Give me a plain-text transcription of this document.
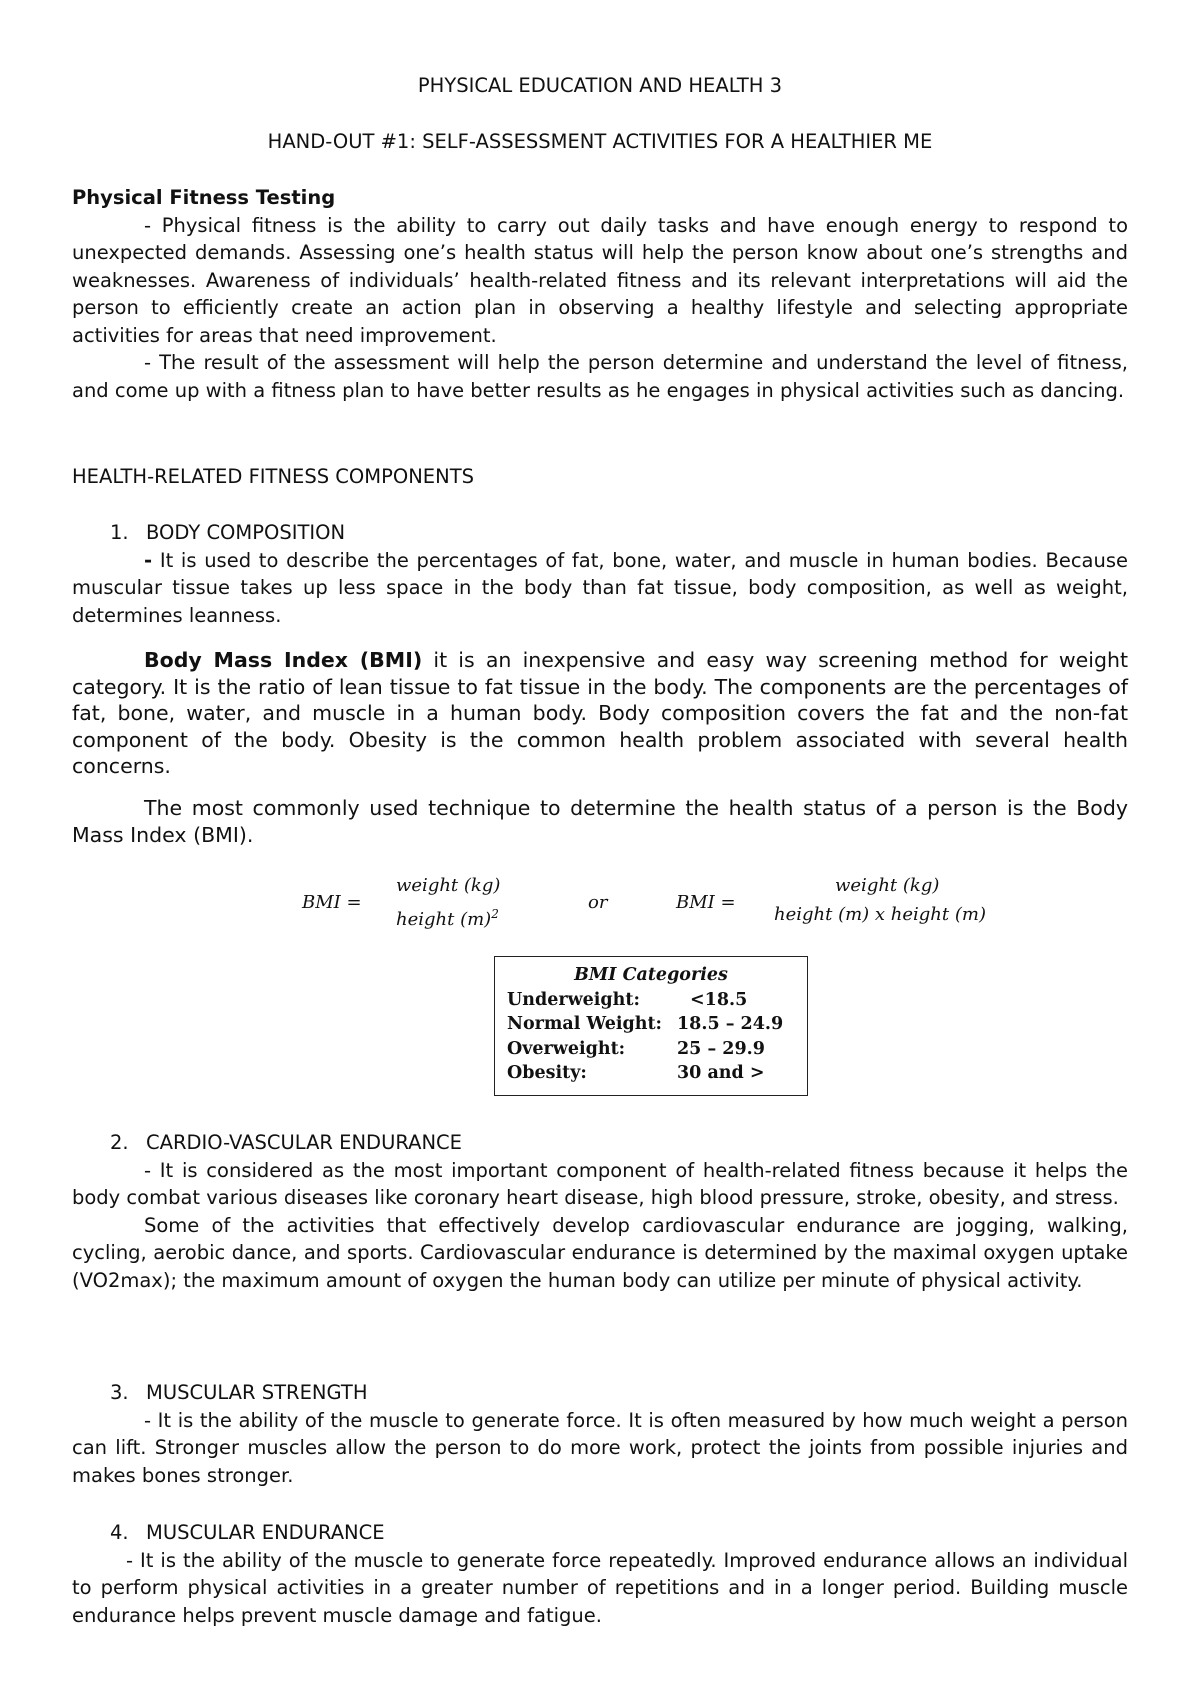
PHYSICAL EDUCATION AND HEALTH 3
HAND-OUT #1: SELF-ASSESSMENT ACTIVITIES FOR A HEALTHIER ME
Physical Fitness Testing

- Physical fitness is the ability to carry out daily tasks and have enough energy to respond to unexpected demands. Assessing one’s health status will help the person know about one’s strengths and weaknesses. Awareness of individuals’ health-related fitness and its relevant interpretations will aid the person to efficiently create an action plan in observing a healthy lifestyle and selecting appropriate activities for areas that need improvement.

- The result of the assessment will help the person determine and understand the level of fitness, and come up with a fitness plan to have better results as he engages in physical activities such as dancing.

HEALTH-RELATED FITNESS COMPONENTS
1. BODY COMPOSITION

- It is used to describe the percentages of fat, bone, water, and muscle in human bodies. Because muscular tissue takes up less space in the body than fat tissue, body composition, as well as weight, determines leanness.

Body Mass Index (BMI) it is an inexpensive and easy way screening method for weight category. It is the ratio of lean tissue to fat tissue in the body. The components are the percentages of fat, bone, water, and muscle in a human body. Body composition covers the fat and the non-fat component of the body. Obesity is the common health problem associated with several health concerns.

The most commonly used technique to determine the health status of a person is the Body Mass Index (BMI).

BMI =
weight (kg)
height $(m)^2$
or	BMI =
weight (kg)
height (m) x height (m)
BMI Categories
Underweight:	<18.5
Normal Weight: 18.5 – 24.9
Overweight:	25 – 29.9
Obesity:	30 and >
2. CARDIO-VASCULAR ENDURANCE

- It is considered as the most important component of health-related fitness because it helps the body combat various diseases like coronary heart disease, high blood pressure, stroke, obesity, and stress.

Some of the activities that effectively develop cardiovascular endurance are jogging, walking, cycling, aerobic dance, and sports. Cardiovascular endurance is determined by the maximal oxygen uptake (VO2max); the maximum amount of oxygen the human body can utilize per minute of physical activity.

3. MUSCULAR STRENGTH

- It is the ability of the muscle to generate force. It is often measured by how much weight a person can lift. Stronger muscles allow the person to do more work, protect the joints from possible injuries and makes bones stronger.

4. MUSCULAR ENDURANCE

- It is the ability of the muscle to generate force repeatedly. Improved endurance allows an individual to perform physical activities in a greater number of repetitions and in a longer period. Building muscle endurance helps prevent muscle damage and fatigue.
